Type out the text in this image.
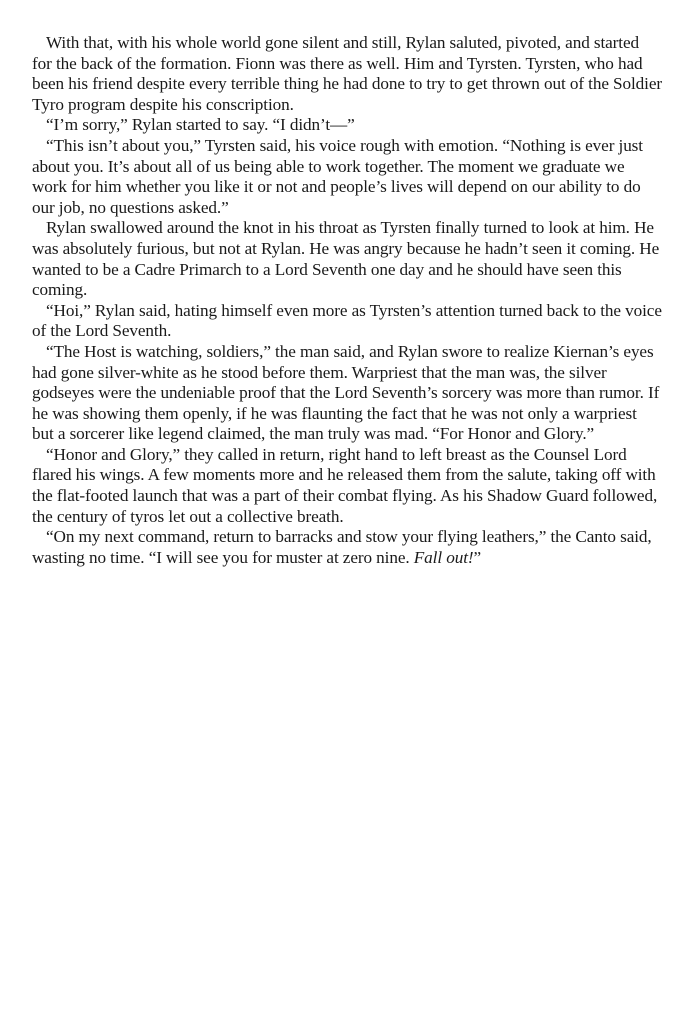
With that, with his whole world gone silent and still, Rylan saluted, pivoted, and started for the back of the formation. Fionn was there as well. Him and Tyrsten. Tyrsten, who had been his friend despite every terrible thing he had done to try to get thrown out of the Soldier Tyro program despite his conscription.

“I’m sorry,” Rylan started to say. “I didn’t—”

“This isn’t about you,” Tyrsten said, his voice rough with emotion. “Nothing is ever just about you. It’s about all of us being able to work together. The moment we graduate we work for him whether you like it or not and people’s lives will depend on our ability to do our job, no questions asked.”

Rylan swallowed around the knot in his throat as Tyrsten finally turned to look at him. He was absolutely furious, but not at Rylan. He was angry because he hadn’t seen it coming. He wanted to be a Cadre Primarch to a Lord Seventh one day and he should have seen this coming.

“Hoi,” Rylan said, hating himself even more as Tyrsten’s attention turned back to the voice of the Lord Seventh.

“The Host is watching, soldiers,” the man said, and Rylan swore to realize Kiernan’s eyes had gone silver-white as he stood before them. Warpriest that the man was, the silver godseyes were the undeniable proof that the Lord Seventh’s sorcery was more than rumor. If he was showing them openly, if he was flaunting the fact that he was not only a warpriest but a sorcerer like legend claimed, the man truly was mad. “For Honor and Glory.”

“Honor and Glory,” they called in return, right hand to left breast as the Counsel Lord flared his wings. A few moments more and he released them from the salute, taking off with the flat-footed launch that was a part of their combat flying. As his Shadow Guard followed, the century of tyros let out a collective breath.

“On my next command, return to barracks and stow your flying leathers,” the Canto said, wasting no time. “I will see you for muster at zero nine. Fall out!”
